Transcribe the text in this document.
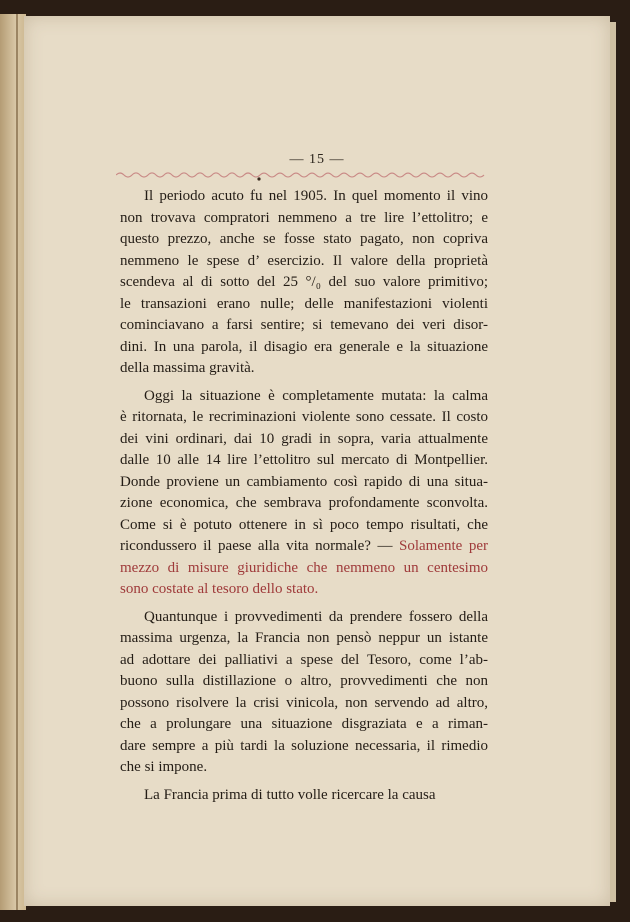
— 15 —

Il periodo acuto fu nel 1905. In quel momento il vino
non trovava compratori nemmeno a tre lire l’ettolitro; e
questo prezzo, anche se fosse stato pagato, non copriva
nemmeno le spese d’ esercizio. Il valore della proprietà
scendeva al di sotto del 25 °/₀ del suo valore primitivo;
le transazioni erano nulle; delle manifestazioni violenti
cominciavano a farsi sentire; si temevano dei veri disor-
dini. In una parola, il disagio era generale e la situazione
della massima gravità.

Oggi la situazione è completamente mutata: la calma
è ritornata, le recriminazioni violente sono cessate. Il costo
dei vini ordinari, dai 10 gradi in sopra, varia attualmente
dalle 10 alle 14 lire l’ettolitro sul mercato di Montpellier.
Donde proviene un cambiamento così rapido di una situa-
zione economica, che sembrava profondamente sconvolta.
Come si è potuto ottenere in sì poco tempo risultati, che
ricondussero il paese alla vita normale? — Solamente per
mezzo di misure giuridiche che nemmeno un centesimo
sono costate al tesoro dello stato.

Quantunque i provvedimenti da prendere fossero della
massima urgenza, la Francia non pensò neppur un istante
ad adottare dei palliativi a spese del Tesoro, come l’ab-
buono sulla distillazione o altro, provvedimenti che non
possono risolvere la crisi vinicola, non servendo ad altro,
che a prolungare una situazione disgraziata e a riman-
dare sempre a più tardi la soluzione necessaria, il rimedio
che si impone.

La Francia prima di tutto volle ricercare la causa
